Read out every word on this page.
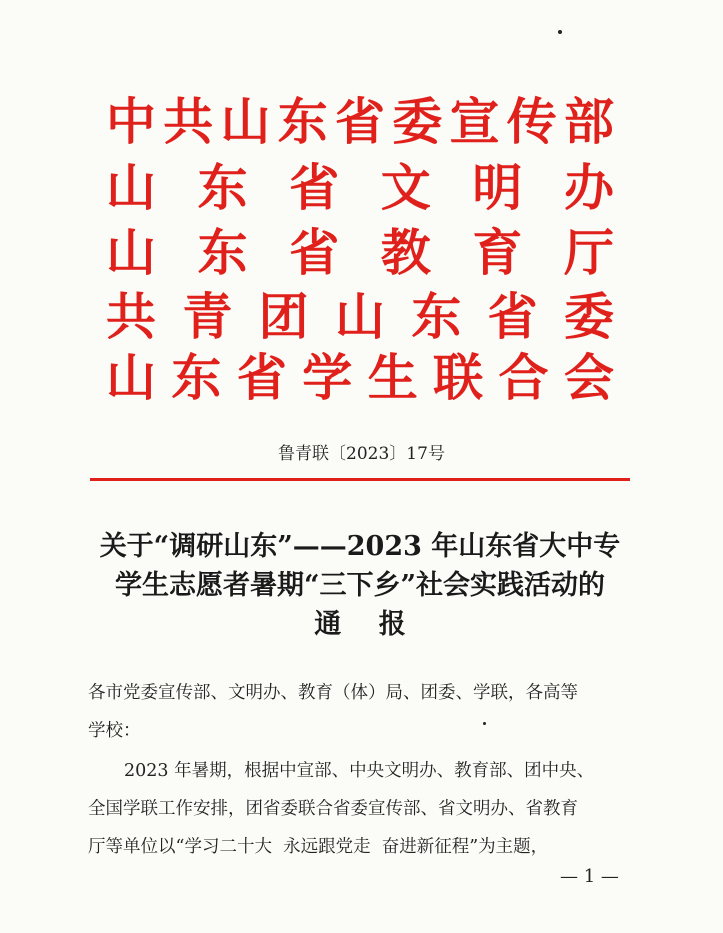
中 共 山 东 省 委 宣 传 部
山 东 省 文 明 办
山 东 省 教 育 厅
共 青 团 山 东 省 委
山 东 省 学 生 联 合 会
鲁青联〔2023〕17号
关于“调研山东”——2023 年山东省大中专
学生志愿者暑期“三下乡”社会实践活动的
通    报
各市党委宣传部、文明办、教育（体）局、团委、学联，各高等
学校：
2023 年暑期，根据中宣部、中央文明办、教育部、团中央、
全国学联工作安排，团省委联合省委宣传部、省文明办、省教育
厅等单位以“学习二十大  永远跟党走  奋进新征程”为主题，
— 1 —
